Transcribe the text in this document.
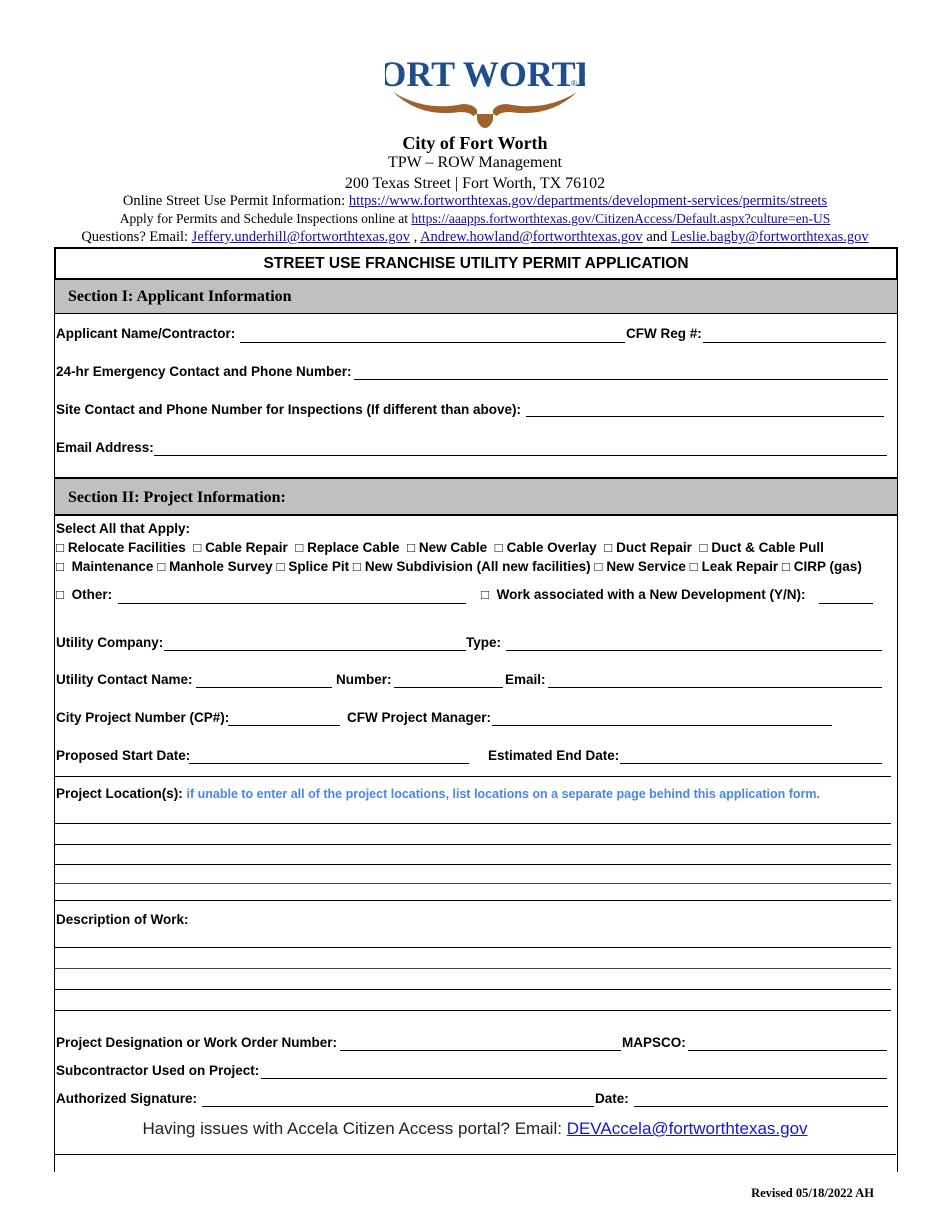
ORT WORT
®
City of Fort Worth
TPW – ROW Management
200 Texas Street | Fort Worth, TX 76102
Online Street Use Permit Information: https://www.fortworthtexas.gov/departments/development-services/permits/streets
Apply for Permits and Schedule Inspections online at https://aaapps.fortworthtexas.gov/CitizenAccess/Default.aspx?culture=en-US
Questions? Email: Jeffery.underhill@fortworthtexas.gov , Andrew.howland@fortworthtexas.gov and Leslie.bagby@fortworthtexas.gov
STREET USE FRANCHISE UTILITY PERMIT APPLICATION
Section I: Applicant Information
Applicant Name/Contractor:	CFW Reg #:
24-hr Emergency Contact and Phone Number:
Site Contact and Phone Number for Inspections (If different than above):
Email Address:
Section II: Project Information:
Select All that Apply:
□ Relocate Facilities □ Cable Repair □ Replace Cable □ New Cable □ Cable Overlay □ Duct Repair □ Duct & Cable Pull
□ Maintenance □ Manhole Survey □ Splice Pit □ New Subdivision (All new facilities) □ New Service □ Leak Repair □ CIRP (gas)
□ Other:	□ Work associated with a New Development (Y/N):
Utility Company:	Type:
Utility Contact Name:	Number:	Email:
City Project Number (CP#):	CFW Project Manager:
Proposed Start Date:	Estimated End Date:
Project Location(s): if unable to enter all of the project locations, list locations on a separate page behind this application form.
Description of Work:
Project Designation or Work Order Number:	MAPSCO:
Subcontractor Used on Project:
Authorized Signature:	Date:
Having issues with Accela Citizen Access portal? Email: DEVAccela@fortworthtexas.gov
Revised 05/18/2022 AH
